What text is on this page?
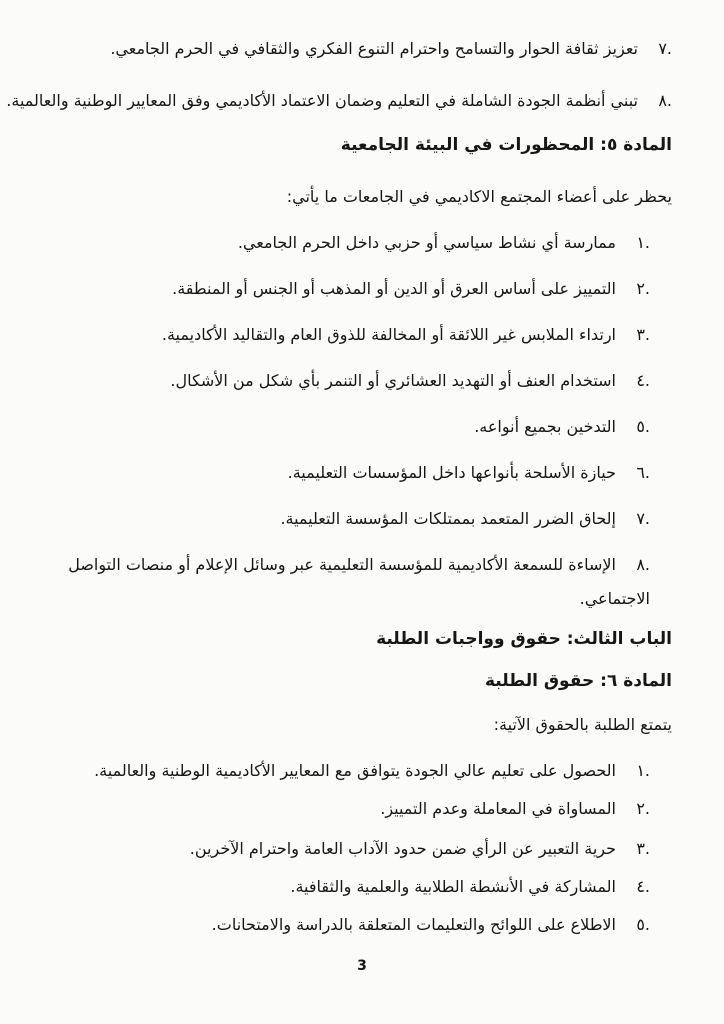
.٧تعزيز ثقافة الحوار والتسامح واحترام التنوع الفكري والثقافي في الحرم الجامعي.
.٨تبني أنظمة الجودة الشاملة في التعليم وضمان الاعتماد الأكاديمي وفق المعايير الوطنية والعالمية.
المادة ٥: المحظورات في البيئة الجامعية
يحظر على أعضاء المجتمع الاكاديمي في الجامعات ما يأتي:
.١ممارسة أي نشاط سياسي أو حزبي داخل الحرم الجامعي.
.٢التمييز على أساس العرق أو الدين أو المذهب أو الجنس أو المنطقة.
.٣ارتداء الملابس غير اللائقة أو المخالفة للذوق العام والتقاليد الأكاديمية.
.٤استخدام العنف أو التهديد العشائري أو التنمر بأي شكل من الأشكال.
.٥التدخين بجميع أنواعه.
.٦حيازة الأسلحة بأنواعها داخل المؤسسات التعليمية.
.٧إلحاق الضرر المتعمد بممتلكات المؤسسة التعليمية.
.٨الإساءة للسمعة الأكاديمية للمؤسسة التعليمية عبر وسائل الإعلام أو منصات التواصل الاجتماعي.
الباب الثالث: حقوق وواجبات الطلبة
المادة ٦: حقوق الطلبة
يتمتع الطلبة بالحقوق الآتية:
.١الحصول على تعليم عالي الجودة يتوافق مع المعايير الأكاديمية الوطنية والعالمية.
.٢المساواة في المعاملة وعدم التمييز.
.٣حرية التعبير عن الرأي ضمن حدود الآداب العامة واحترام الآخرين.
.٤المشاركة في الأنشطة الطلابية والعلمية والثقافية.
.٥الاطلاع على اللوائح والتعليمات المتعلقة بالدراسة والامتحانات.
3
